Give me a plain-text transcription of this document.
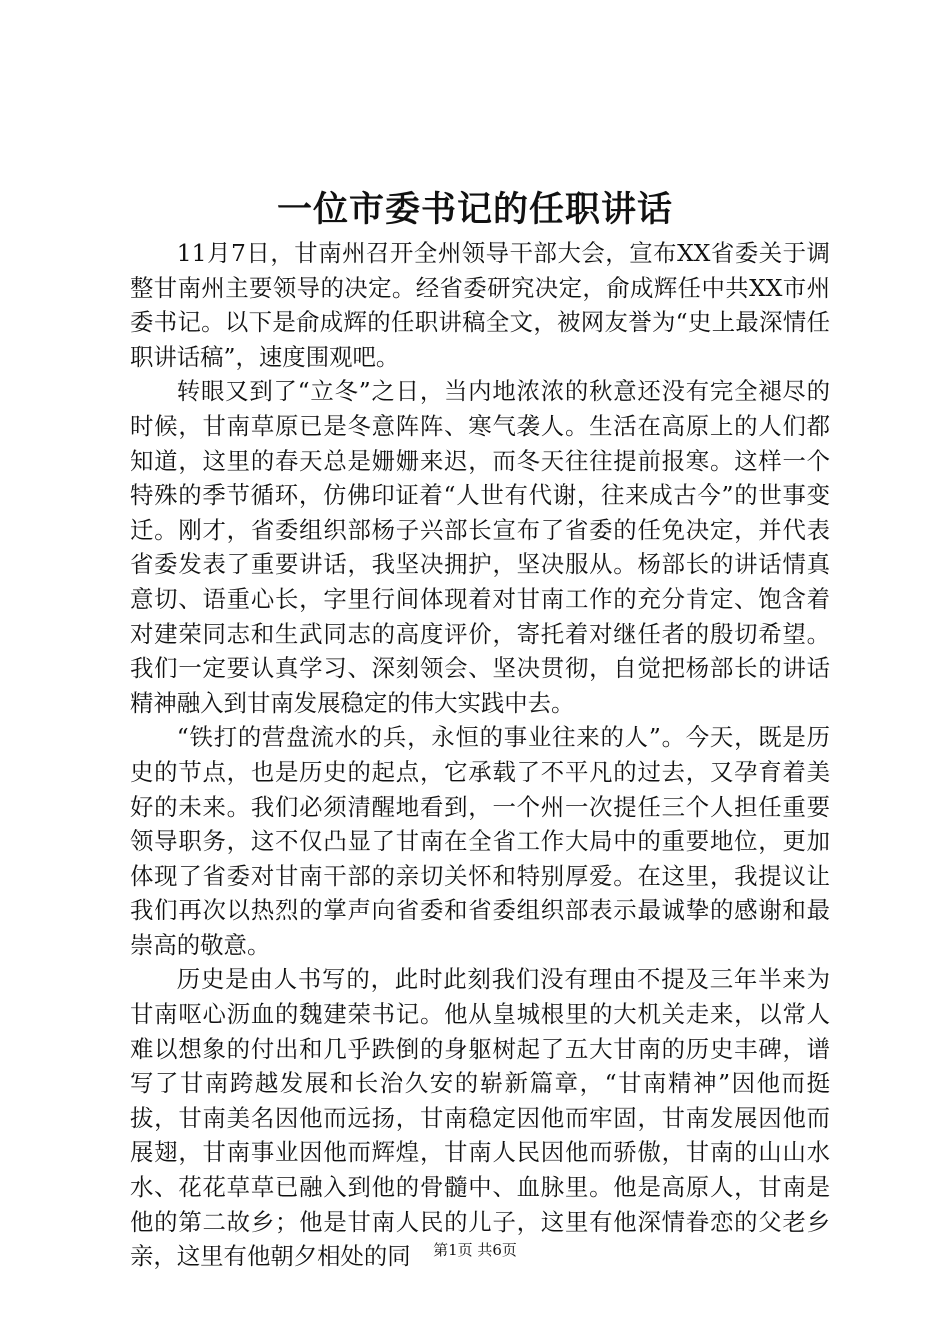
一位市委书记的任职讲话

11月7日，甘南州召开全州领导干部大会，宣布XX省委关于调整甘南州主要领导的决定。经省委研究决定，俞成辉任中共XX市州委书记。以下是俞成辉的任职讲稿全文，被网友誉为“史上最深情任职讲话稿”，速度围观吧。

转眼又到了“立冬”之日，当内地浓浓的秋意还没有完全褪尽的时候，甘南草原已是冬意阵阵、寒气袭人。生活在高原上的人们都知道，这里的春天总是姗姗来迟，而冬天往往提前报寒。这样一个特殊的季节循环，仿佛印证着“人世有代谢，往来成古今”的世事变迁。刚才，省委组织部杨子兴部长宣布了省委的任免决定，并代表省委发表了重要讲话，我坚决拥护，坚决服从。杨部长的讲话情真意切、语重心长，字里行间体现着对甘南工作的充分肯定、饱含着对建荣同志和生武同志的高度评价，寄托着对继任者的殷切希望。我们一定要认真学习、深刻领会、坚决贯彻，自觉把杨部长的讲话精神融入到甘南发展稳定的伟大实践中去。

“铁打的营盘流水的兵，永恒的事业往来的人”。今天，既是历史的节点，也是历史的起点，它承载了不平凡的过去，又孕育着美好的未来。我们必须清醒地看到，一个州一次提任三个人担任重要领导职务，这不仅凸显了甘南在全省工作大局中的重要地位，更加体现了省委对甘南干部的亲切关怀和特别厚爱。在这里，我提议让我们再次以热烈的掌声向省委和省委组织部表示最诚挚的感谢和最崇高的敬意。

历史是由人书写的，此时此刻我们没有理由不提及三年半来为甘南呕心沥血的魏建荣书记。他从皇城根里的大机关走来，以常人难以想象的付出和几乎跌倒的身躯树起了五大甘南的历史丰碑，谱写了甘南跨越发展和长治久安的崭新篇章，“甘南精神”因他而挺拔，甘南美名因他而远扬，甘南稳定因他而牢固，甘南发展因他而展翅，甘南事业因他而辉煌，甘南人民因他而骄傲，甘南的山山水水、花花草草已融入到他的骨髓中、血脉里。他是高原人，甘南是他的第二故乡；他是甘南人民的儿子，这里有他深情眷恋的父老乡亲，这里有他朝夕相处的同	第1页 共6页
